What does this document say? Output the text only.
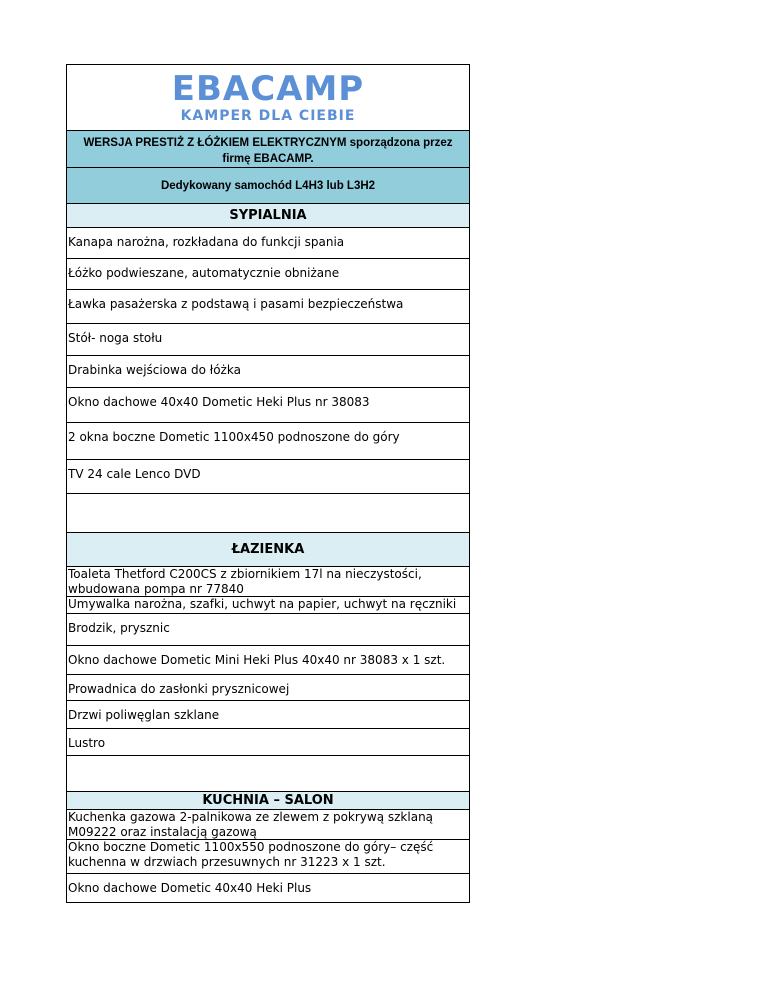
EBACAMP
KAMPER DLA CIEBIE
WERSJA PRESTIŻ Z ŁÓŻKIEM ELEKTRYCZNYM sporządzona przez firmę EBACAMP.
Dedykowany samochód L4H3 lub L3H2
SYPIALNIA
Kanapa narożna, rozkładana do funkcji spania
Łóżko podwieszane, automatycznie obniżane
Ławka pasażerska z podstawą i pasami bezpieczeństwa
Stół- noga stołu
Drabinka wejściowa do łóżka
Okno dachowe 40x40 Dometic Heki Plus nr 38083
2 okna boczne Dometic 1100x450 podnoszone do góry
TV 24 cale Lenco DVD
ŁAZIENKA
Toaleta Thetford C200CS z zbiornikiem 17l na nieczystości, wbudowana pompa nr 77840
Umywalka narożna, szafki, uchwyt na papier, uchwyt na ręczniki
Brodzik, prysznic
Okno dachowe Dometic Mini Heki Plus 40x40 nr 38083 x 1 szt.
Prowadnica do zasłonki prysznicowej
Drzwi poliwęglan szklane
Lustro
KUCHNIA – SALON
Kuchenka gazowa 2-palnikowa ze zlewem z pokrywą szklaną M09222 oraz instalacją gazową
Okno boczne Dometic 1100x550 podnoszone do góry– część kuchenna w drzwiach przesuwnych nr 31223 x 1 szt.
Okno dachowe Dometic 40x40 Heki Plus
